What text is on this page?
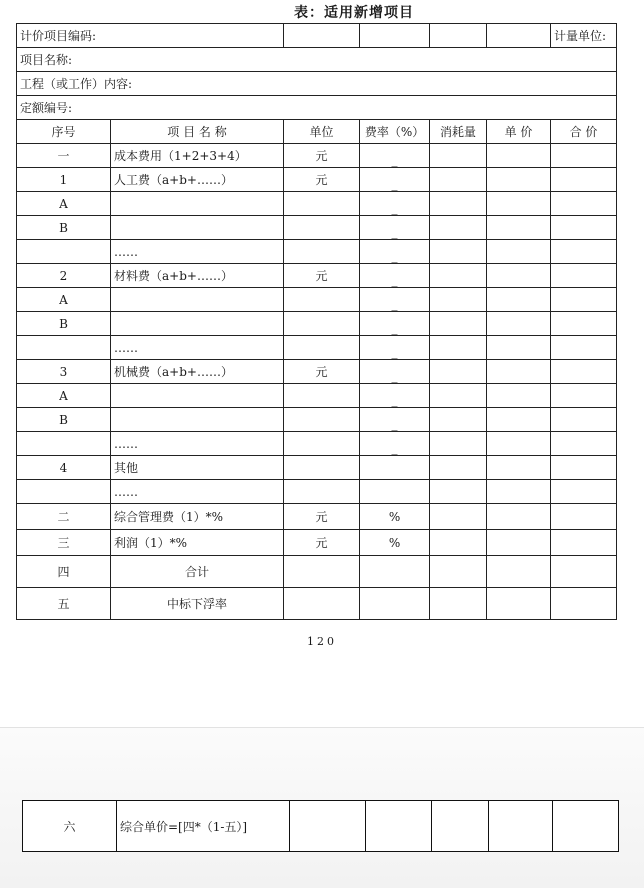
表：适用新增项目
计价项目编码:						计量单位:
项目名称:						
工程（或工作）内容:						
定额编号:						
序号	项 目 名 称	单位	费率（%）	消耗量	单 价	合 价
一	成本费用（1+2+3+4）	元	_			
1	人工费（a+b+……）	元	_			
A			_			
B			_			
	……		_			
2	材料费（a+b+……）	元	_			
A			_			
B			_			
	……		_			
3	机械费（a+b+……）	元	_			
A			_			
B			_			
	……		_			
4	其他					
	……					
二	综合管理费（1）*%	元	%			
三	利润（1）*%	元	%			
四	合计					
五	中标下浮率					
120
六	综合单价=[四*（1-五）]					
